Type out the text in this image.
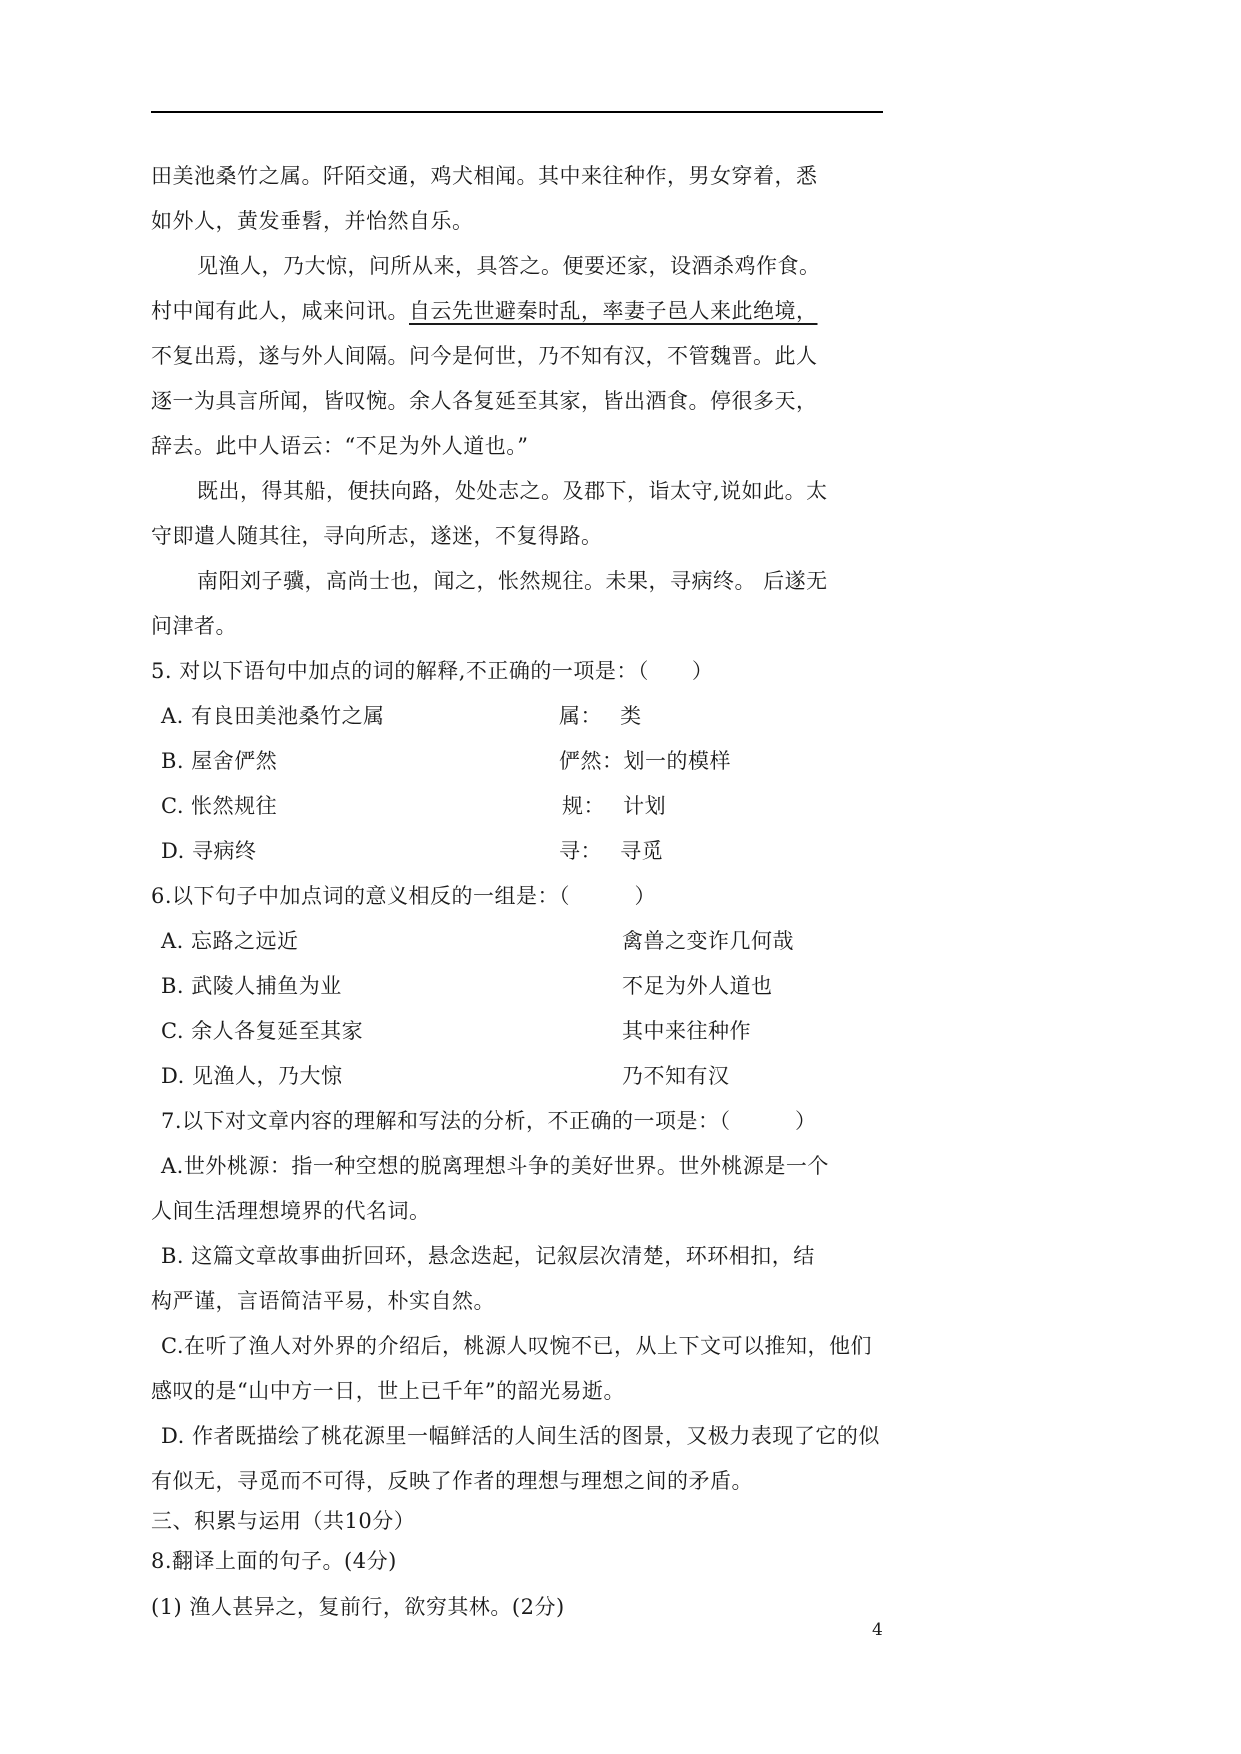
田美池桑竹之属。阡陌交通，鸡犬相闻。其中来往种作，男女穿着，悉
如外人，黄发垂髫，并怡然自乐。
见渔人，乃大惊，问所从来，具答之。便要还家，设酒杀鸡作食。
村中闻有此人，咸来问讯。自云先世避秦时乱，率妻子邑人来此绝境，
不复出焉，遂与外人间隔。问今是何世，乃不知有汉，不管魏晋。此人
逐一为具言所闻，皆叹惋。余人各复延至其家，皆出酒食。停很多天，
辞去。此中人语云：“不足为外人道也。”
既出，得其船，便扶向路，处处志之。及郡下，诣太守,说如此。太
守即遣人随其往，寻向所志，遂迷，不复得路。
南阳刘子骥，高尚士也，闻之，怅然规往。未果，寻病终。 后遂无
问津者。
5. 对以下语句中加点的词的解释,不正确的一项是：（　　）
A. 有良田美池桑竹之属	属：　 类
B. 屋舍俨然	俨然：划一的模样
C. 怅然规往	规：　 计划
D. 寻病终	寻：　 寻觅
6.以下句子中加点词的意义相反的一组是：（　　　）
A. 忘路之远近	禽兽之变诈几何哉
B. 武陵人捕鱼为业	不足为外人道也
C. 余人各复延至其家	其中来往种作
D. 见渔人，乃大惊	乃不知有汉
7.以下对文章内容的理解和写法的分析，不正确的一项是：（　　　）
A.世外桃源：指一种空想的脱离理想斗争的美好世界。世外桃源是一个
人间生活理想境界的代名词。
B. 这篇文章故事曲折回环，悬念迭起，记叙层次清楚，环环相扣，结
构严谨，言语简洁平易，朴实自然。
C.在听了渔人对外界的介绍后，桃源人叹惋不已，从上下文可以推知，他们
感叹的是“山中方一日，世上已千年”的韶光易逝。
D. 作者既描绘了桃花源里一幅鲜活的人间生活的图景，又极力表现了它的似
有似无，寻觅而不可得，反映了作者的理想与理想之间的矛盾。
三、积累与运用（共10分）
8.翻译上面的句子。(4分)
(1) 渔人甚异之，复前行，欲穷其林。(2分)
4
